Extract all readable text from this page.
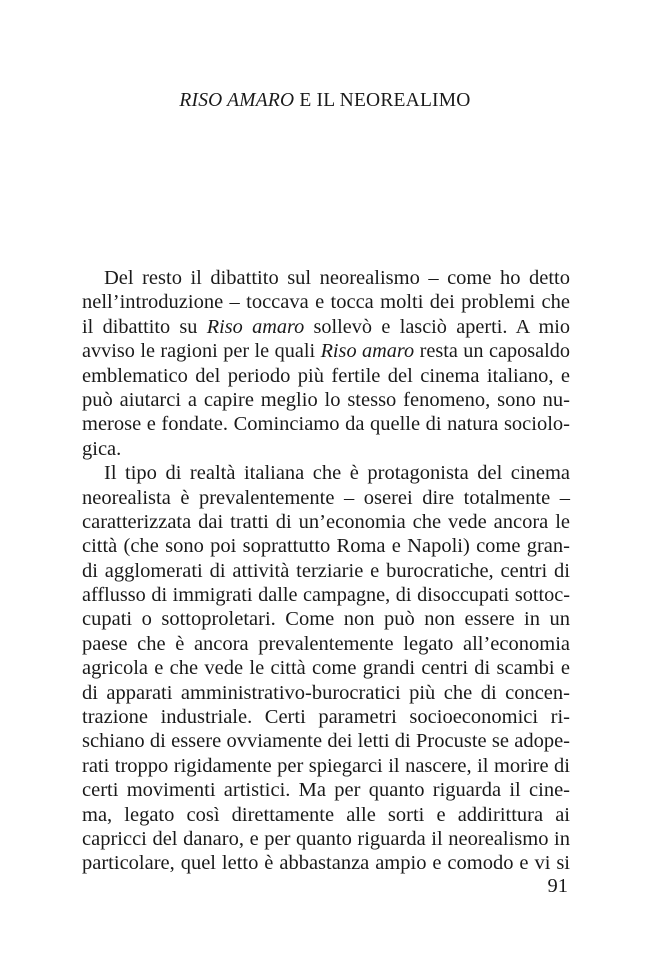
RISO AMARO E IL NEOREALIMO
Del resto il dibattito sul neorealismo – come ho detto
nell’introduzione – toccava e tocca molti dei problemi che
il dibattito su Riso amaro sollevò e lasciò aperti. A mio
avviso le ragioni per le quali Riso amaro resta un caposaldo
emblematico del periodo più fertile del cinema italiano, e
può aiutarci a capire meglio lo stesso fenomeno, sono nu-
merose e fondate. Cominciamo da quelle di natura sociolo-
gica.
Il tipo di realtà italiana che è protagonista del cinema
neorealista è prevalentemente – oserei dire totalmente –
caratterizzata dai tratti di un’economia che vede ancora le
città (che sono poi soprattutto Roma e Napoli) come gran-
di agglomerati di attività terziarie e burocratiche, centri di
afflusso di immigrati dalle campagne, di disoccupati sottoc-
cupati o sottoproletari. Come non può non essere in un
paese che è ancora prevalentemente legato all’economia
agricola e che vede le città come grandi centri di scambi e
di apparati amministrativo-burocratici più che di concen-
trazione industriale. Certi parametri socioeconomici ri-
schiano di essere ovviamente dei letti di Procuste se adope-
rati troppo rigidamente per spiegarci il nascere, il morire di
certi movimenti artistici. Ma per quanto riguarda il cine-
ma, legato così direttamente alle sorti e addirittura ai
capricci del danaro, e per quanto riguarda il neorealismo in
particolare, quel letto è abbastanza ampio e comodo e vi si
91
